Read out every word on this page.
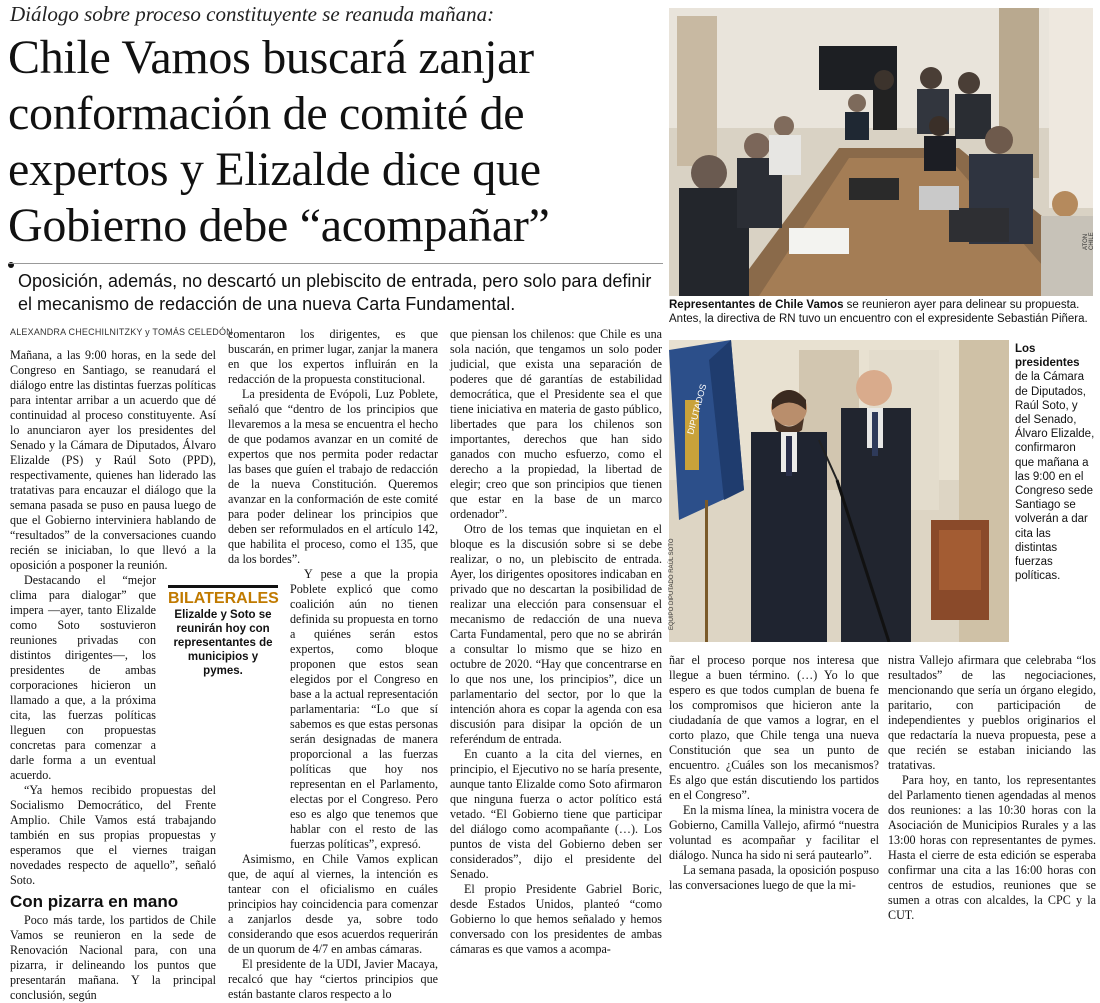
Diálogo sobre proceso constituyente se reanuda mañana:
Chile Vamos buscará zanjar conformación de comité de expertos y Elizalde dice que Gobierno debe “acompañar”

Oposición, además, no descartó un plebiscito de entrada, pero solo para definir el mecanismo de redacción de una nueva Carta Fundamental.

ALEXANDRA CHECHILNITZKY y TOMÁS CELEDÓN

Mañana, a las 9:00 horas, en la sede del Congreso en Santiago, se reanudará el diálogo entre las distintas fuerzas políticas para intentar arribar a un acuerdo que dé continuidad al proceso constituyente. Así lo anunciaron ayer los presidentes del Senado y la Cámara de Diputados, Álvaro Elizalde (PS) y Raúl Soto (PPD), respectivamente, quienes han liderado las tratativas para encauzar el diálogo que la semana pasada se puso en pausa luego de que el Gobierno interviniera hablando de “resultados” de la conversaciones cuando recién se iniciaban, lo que llevó a la oposición a posponer la reunión.

Destacando el “mejor clima para dialogar” que impera —ayer, tanto Elizalde como Soto sostuvieron reuniones privadas con distintos dirigentes—, los presidentes de ambas corporaciones hicieron un llamado a que, a la próxima cita, las fuerzas políticas lleguen con propuestas concretas para comenzar a darle forma a un eventual acuerdo.

“Ya hemos recibido propuestas del Socialismo Democrático, del Frente Amplio. Chile Vamos está trabajando también en sus propias propuestas y esperamos que el viernes traigan novedades respecto de aquello”, señaló Soto.

Con pizarra en mano

Poco más tarde, los partidos de Chile Vamos se reunieron en la sede de Renovación Nacional para, con una pizarra, ir delineando los puntos que presentarán mañana. Y la principal conclusión, según

comentaron los dirigentes, es que buscarán, en primer lugar, zanjar la manera en que los expertos influirán en la redacción de la propuesta constitucional.

La presidenta de Evópoli, Luz Poblete, señaló que “dentro de los principios que llevaremos a la mesa se encuentra el hecho de que podamos avanzar en un comité de expertos que nos permita poder redactar las bases que guíen el trabajo de redacción de la nueva Constitución. Queremos avanzar en la conformación de este comité para poder delinear los principios que deben ser reformulados en el artículo 142, que habilita el proceso, como el 135, que da los bordes”.

Y pese a que la propia Poblete explicó que como coalición aún no tienen definida su propuesta en torno a quiénes serán estos expertos, como bloque proponen que estos sean elegidos por el Congreso en base a la actual representación parlamentaria: “Lo que sí sabemos es que estas personas serán designadas de manera proporcional a las fuerzas políticas que hoy nos representan en el Parlamento, electas por el Congreso. Pero eso es algo que tenemos que hablar con el resto de las fuerzas políticas”, expresó.

Asimismo, en Chile Vamos explican que, de aquí al viernes, la intención es tantear con el oficialismo en cuáles principios hay coincidencia para comenzar a zanjarlos desde ya, sobre todo considerando que esos acuerdos requerirán de un quorum de 4/7 en ambas cámaras.

El presidente de la UDI, Javier Macaya, recalcó que hay “ciertos principios que están bastante claros respecto a lo

que piensan los chilenos: que Chile es una sola nación, que tengamos un solo poder judicial, que exista una separación de poderes que dé garantías de estabilidad democrática, que el Presidente sea el que tiene iniciativa en materia de gasto público, libertades que para los chilenos son importantes, derechos que han sido ganados con mucho esfuerzo, como el derecho a la propiedad, la libertad de elegir; creo que son principios que tienen que estar en la base de un marco ordenador”.

Otro de los temas que inquietan en el bloque es la discusión sobre si se debe realizar, o no, un plebiscito de entrada. Ayer, los dirigentes opositores indicaban en privado que no descartan la posibilidad de realizar una elección para consensuar el mecanismo de redacción de una nueva Carta Fundamental, pero que no se abrirán a consultar lo mismo que se hizo en octubre de 2020. “Hay que concentrarse en lo que nos une, los principios”, dice un parlamentario del sector, por lo que la intención ahora es copar la agenda con esa discusión para disipar la opción de un referéndum de entrada.

En cuanto a la cita del viernes, en principio, el Ejecutivo no se haría presente, aunque tanto Elizalde como Soto afirmaron que ninguna fuerza o actor político está vetado. “El Gobierno tiene que participar del diálogo como acompañante (…). Los puntos de vista del Gobierno deben ser considerados”, dijo el presidente del Senado.

El propio Presidente Gabriel Boric, desde Estados Unidos, planteó “como Gobierno lo que hemos señalado y hemos conversado con los presidentes de ambas cámaras es que vamos a acompa-

BILATERALES
Elizalde y Soto se reunirán hoy con representantes de municipios y pymes.
ATON CHILE
Representantes de Chile Vamos se reunieron ayer para delinear su propuesta. Antes, la directiva de RN tuvo un encuentro con el expresidente Sebastián Piñera.
DIPUTADOS
EQUIPO DIPUTADO RAÚL SOTO
Los presidentes de la Cámara de Diputados, Raúl Soto, y del Senado, Álvaro Elizalde, confirmaron que mañana a las 9:00 en el Congreso sede Santiago se volverán a dar cita las distintas fuerzas políticas.

ñar el proceso porque nos interesa que llegue a buen término. (…) Yo lo que espero es que todos cumplan de buena fe los compromisos que hicieron ante la ciudadanía de que vamos a lograr, en el corto plazo, que Chile tenga una nueva Constitución que sea un punto de encuentro. ¿Cuáles son los mecanismos? Es algo que están discutiendo los partidos en el Congreso”.

En la misma línea, la ministra vocera de Gobierno, Camilla Vallejo, afirmó “nuestra voluntad es acompañar y facilitar el diálogo. Nunca ha sido ni será pautearlo”.

La semana pasada, la oposición pospuso las conversaciones luego de que la mi-

nistra Vallejo afirmara que celebraba “los resultados” de las negociaciones, mencionando que sería un órgano elegido, paritario, con participación de independientes y pueblos originarios el que redactaría la nueva propuesta, pese a que recién se estaban iniciando las tratativas.

Para hoy, en tanto, los representantes del Parlamento tienen agendadas al menos dos reuniones: a las 10:30 horas con la Asociación de Municipios Rurales y a las 13:00 horas con representantes de pymes. Hasta el cierre de esta edición se esperaba confirmar una cita a las 16:00 horas con centros de estudios, reuniones que se sumen a otras con alcaldes, la CPC y la CUT.
